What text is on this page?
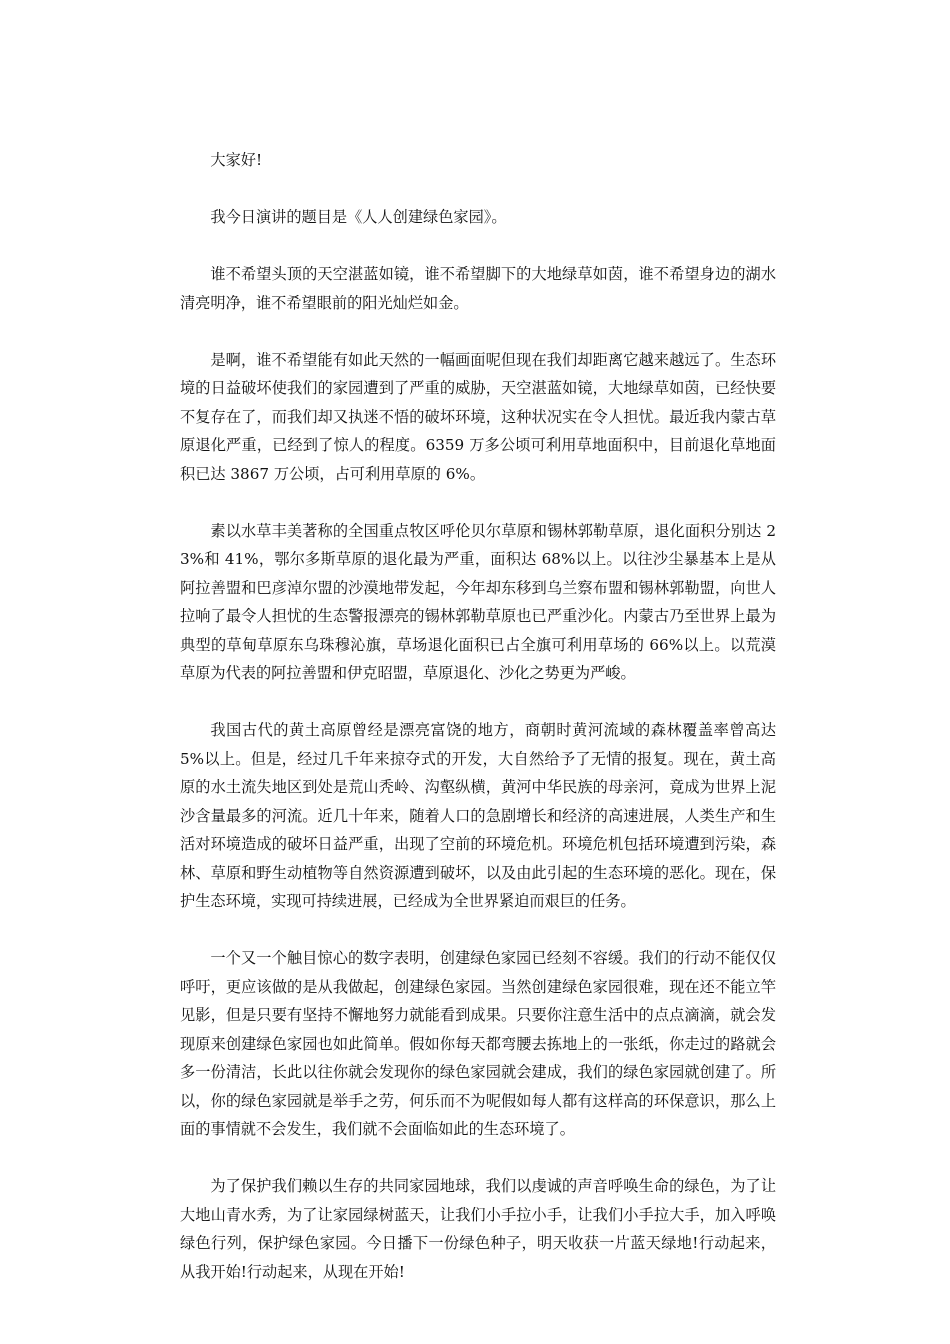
大家好!

我今日演讲的题目是《人人创建绿色家园》。

谁不希望头顶的天空湛蓝如镜，谁不希望脚下的大地绿草如茵，谁不希望身边的湖水清亮明净，谁不希望眼前的阳光灿烂如金。

是啊，谁不希望能有如此天然的一幅画面呢但现在我们却距离它越来越远了。生态环境的日益破坏使我们的家园遭到了严重的威胁，天空湛蓝如镜，大地绿草如茵，已经快要不复存在了，而我们却又执迷不悟的破坏环境，这种状况实在令人担忧。最近我内蒙古草原退化严重，已经到了惊人的程度。6359 万多公顷可利用草地面积中，目前退化草地面积已达 3867 万公顷，占可利用草原的 6%。

素以水草丰美著称的全国重点牧区呼伦贝尔草原和锡林郭勒草原，退化面积分别达 23%和 41%，鄂尔多斯草原的退化最为严重，面积达 68%以上。以往沙尘暴基本上是从阿拉善盟和巴彦淖尔盟的沙漠地带发起，今年却东移到乌兰察布盟和锡林郭勒盟，向世人拉响了最令人担忧的生态警报漂亮的锡林郭勒草原也已严重沙化。内蒙古乃至世界上最为典型的草甸草原东乌珠穆沁旗，草场退化面积已占全旗可利用草场的 66%以上。以荒漠草原为代表的阿拉善盟和伊克昭盟，草原退化、沙化之势更为严峻。

我国古代的黄土高原曾经是漂亮富饶的地方，商朝时黄河流域的森林覆盖率曾高达 5%以上。但是，经过几千年来掠夺式的开发，大自然给予了无情的报复。现在，黄土高原的水土流失地区到处是荒山秃岭、沟壑纵横，黄河中华民族的母亲河，竟成为世界上泥沙含量最多的河流。近几十年来，随着人口的急剧增长和经济的高速进展，人类生产和生活对环境造成的破坏日益严重，出现了空前的环境危机。环境危机包括环境遭到污染，森林、草原和野生动植物等自然资源遭到破坏，以及由此引起的生态环境的恶化。现在，保护生态环境，实现可持续进展，已经成为全世界紧迫而艰巨的任务。

一个又一个触目惊心的数字表明，创建绿色家园已经刻不容缓。我们的行动不能仅仅呼吁，更应该做的是从我做起，创建绿色家园。当然创建绿色家园很难，现在还不能立竿见影，但是只要有坚持不懈地努力就能看到成果。只要你注意生活中的点点滴滴，就会发现原来创建绿色家园也如此简单。假如你每天都弯腰去拣地上的一张纸，你走过的路就会多一份清洁，长此以往你就会发现你的绿色家园就会建成，我们的绿色家园就创建了。所以，你的绿色家园就是举手之劳，何乐而不为呢假如每人都有这样高的环保意识，那么上面的事情就不会发生，我们就不会面临如此的生态环境了。

为了保护我们赖以生存的共同家园地球，我们以虔诚的声音呼唤生命的绿色，为了让大地山青水秀，为了让家园绿树蓝天，让我们小手拉小手，让我们小手拉大手，加入呼唤绿色行列，保护绿色家园。今日播下一份绿色种子，明天收获一片蓝天绿地!行动起来，从我开始!行动起来，从现在开始!
